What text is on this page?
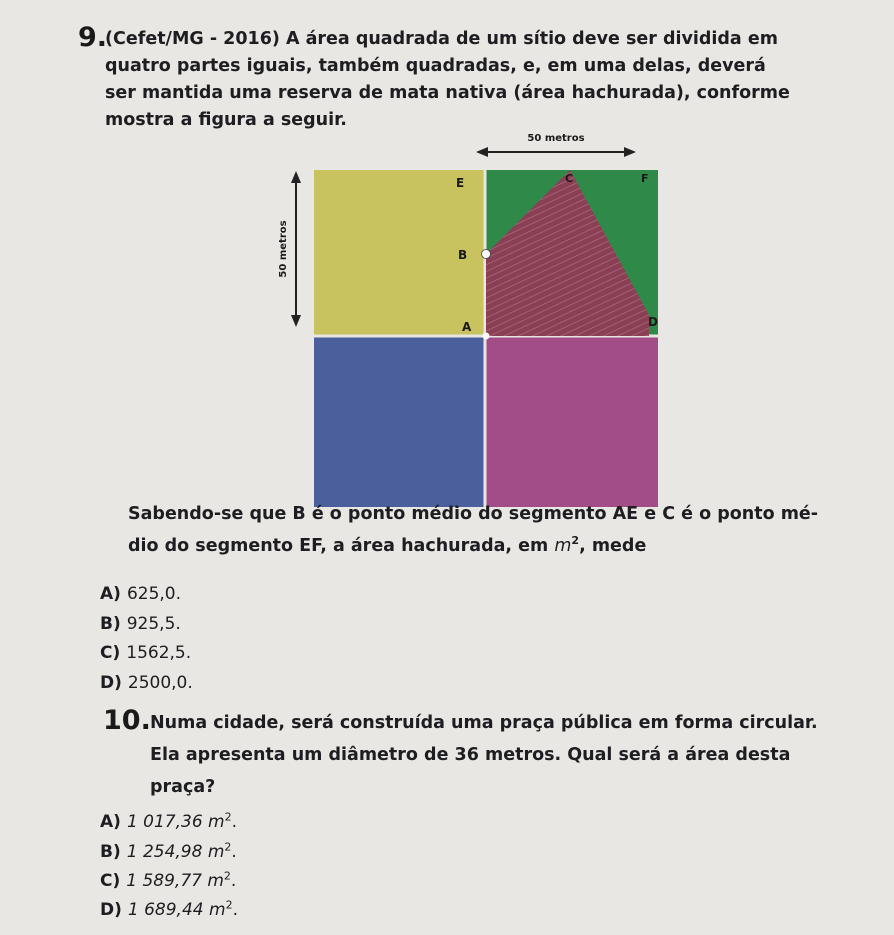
9.
(Cefet/MG - 2016) A área quadrada de um sítio deve ser dividida em
quatro partes iguais, também quadradas, e, em uma delas, deverá
ser mantida uma reserva de mata nativa (área hachurada), conforme
mostra a figura a seguir.
50 metros
50 metros
E	C	F
B
A	D
Sabendo-se que B é o ponto médio do segmento AE e C é o ponto mé-
dio do segmento EF, a área hachurada, em $m^2$, mede
A) 625,0.
B) 925,5.
C) 1562,5.
D) 2500,0.
10. Numa cidade, será construída uma praça pública em forma circular.
Ela apresenta um diâmetro de 36 metros. Qual será a área desta
praça?
A) 1 017,36 $m^2$.
B) 1 254,98 $m^2$.
C) 1 589,77 $m^2$.
D) 1 689,44 $m^2$.
